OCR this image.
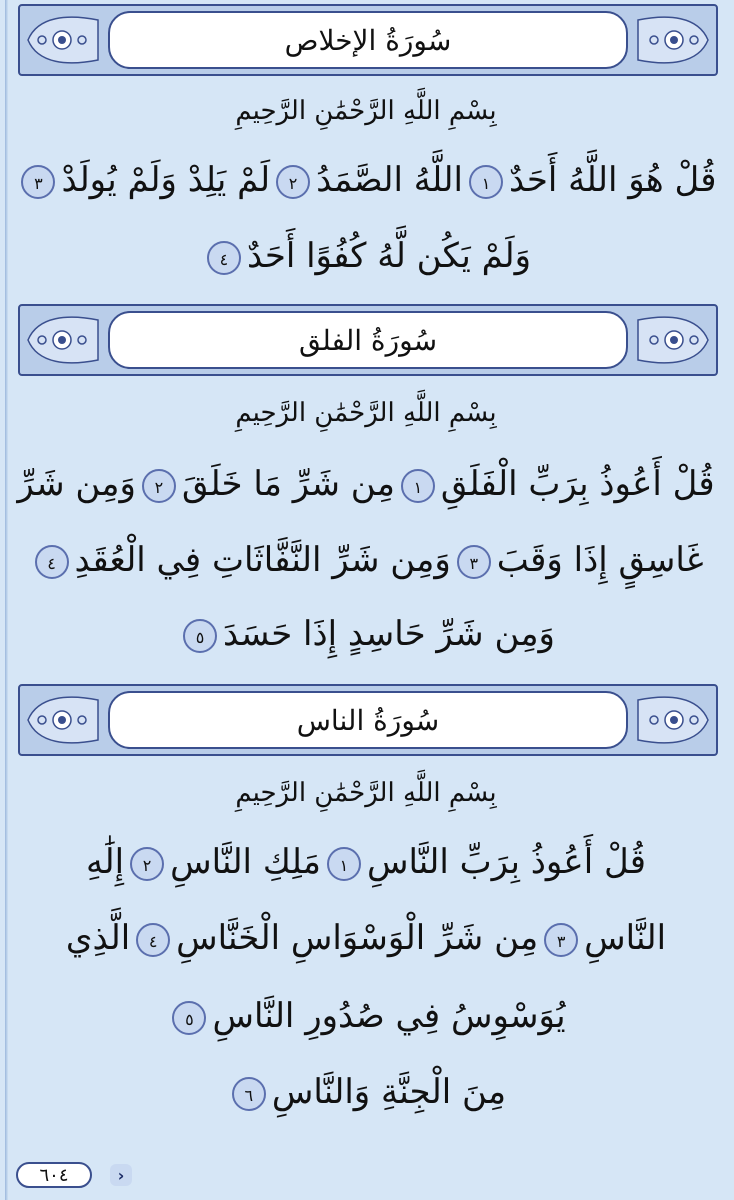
سُورَةُ الإخلاص
بِسْمِ اللَّهِ الرَّحْمَٰنِ الرَّحِيمِ
قُلْ هُوَ اللَّهُ أَحَدٌ١اللَّهُ الصَّمَدُ٢لَمْ يَلِدْ وَلَمْ يُولَدْ٣
وَلَمْ يَكُن لَّهُ كُفُوًا أَحَدٌ٤
سُورَةُ الفلق
بِسْمِ اللَّهِ الرَّحْمَٰنِ الرَّحِيمِ
قُلْ أَعُوذُ بِرَبِّ الْفَلَقِ١مِن شَرِّ مَا خَلَقَ٢وَمِن شَرِّ
غَاسِقٍ إِذَا وَقَبَ٣وَمِن شَرِّ النَّفَّاثَاتِ فِي الْعُقَدِ٤
وَمِن شَرِّ حَاسِدٍ إِذَا حَسَدَ٥
سُورَةُ الناس
بِسْمِ اللَّهِ الرَّحْمَٰنِ الرَّحِيمِ
قُلْ أَعُوذُ بِرَبِّ النَّاسِ١مَلِكِ النَّاسِ٢إِلَٰهِ
النَّاسِ٣مِن شَرِّ الْوَسْوَاسِ الْخَنَّاسِ٤الَّذِي
يُوَسْوِسُ فِي صُدُورِ النَّاسِ٥
مِنَ الْجِنَّةِ وَالنَّاسِ٦
٦٠٤	›
